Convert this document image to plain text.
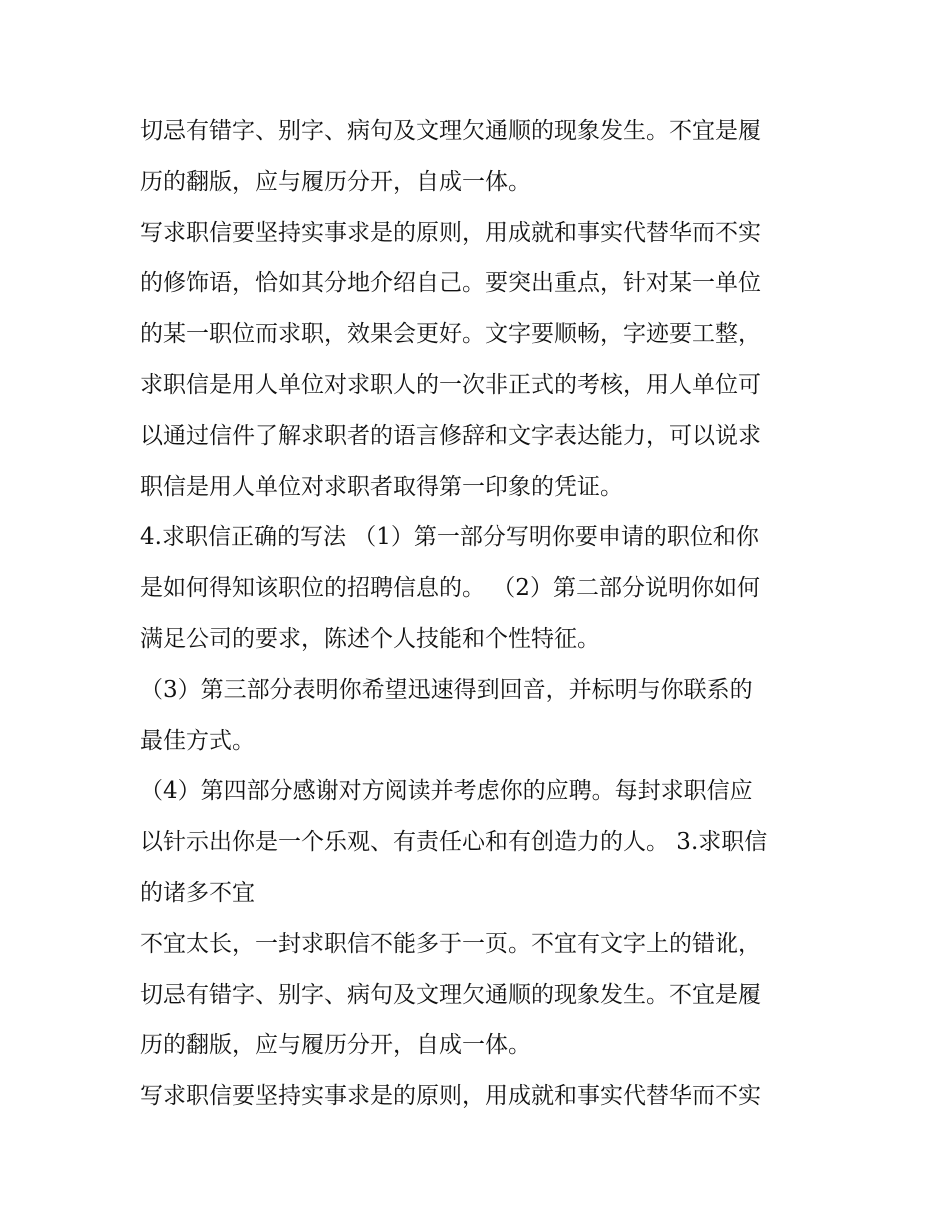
切忌有错字、别字、病句及文理欠通顺的现象发生。不宜是履
历的翻版，应与履历分开，自成一体。
写求职信要坚持实事求是的原则，用成就和事实代替华而不实
的修饰语，恰如其分地介绍自己。要突出重点，针对某一单位
的某一职位而求职，效果会更好。文字要顺畅，字迹要工整，
求职信是用人单位对求职人的一次非正式的考核，用人单位可
以通过信件了解求职者的语言修辞和文字表达能力，可以说求
职信是用人单位对求职者取得第一印象的凭证。
4.求职信正确的写法 （1）第一部分写明你要申请的职位和你
是如何得知该职位的招聘信息的。 （2）第二部分说明你如何
满足公司的要求，陈述个人技能和个性特征。
（3）第三部分表明你希望迅速得到回音，并标明与你联系的
最佳方式。
（4）第四部分感谢对方阅读并考虑你的应聘。每封求职信应
以针示出你是一个乐观、有责任心和有创造力的人。 3.求职信
的诸多不宜
不宜太长，一封求职信不能多于一页。不宜有文字上的错讹，
切忌有错字、别字、病句及文理欠通顺的现象发生。不宜是履
历的翻版，应与履历分开，自成一体。
写求职信要坚持实事求是的原则，用成就和事实代替华而不实
